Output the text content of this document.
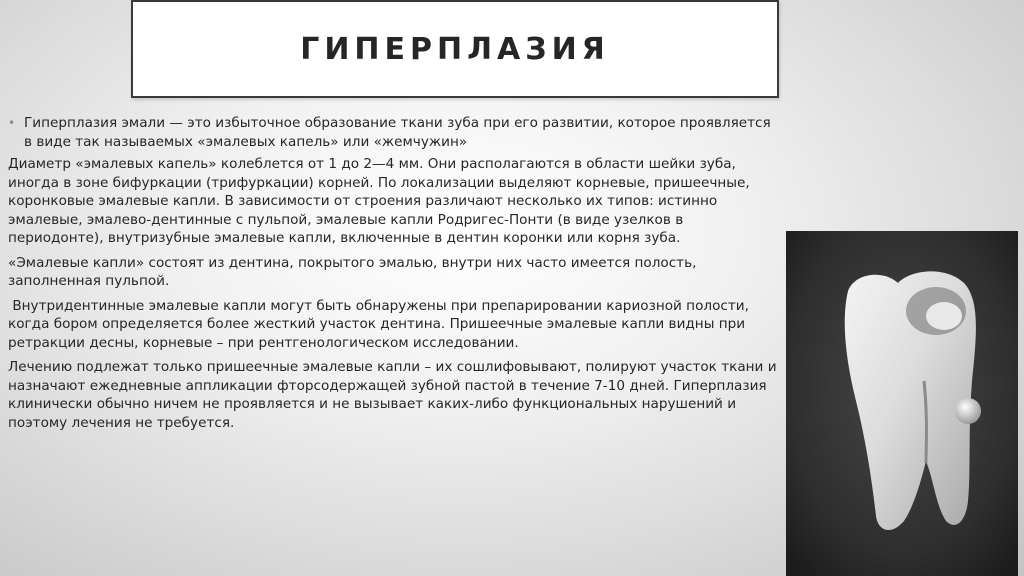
ГИПЕРПЛАЗИЯ
• Гиперплазия эмали — это избыточное образование ткани зуба при его развитии, которое проявляется в виде так называемых «эмалевых капель» или «жемчужин»

Диаметр «эмалевых капель» колеблется от 1 до 2—4 мм. Они располагаются в области шейки зуба, иногда в зоне бифуркации (трифуркации) корней. По локализации выделяют корневые, пришеечные, коронковые эмалевые капли. В зависимости от строения различают несколько их типов: истинно эмалевые, эмалево-дентинные с пульпой, эмалевые капли Родригес-Понти (в виде узелков в периодонте), внутризубные эмалевые капли, включенные в дентин коронки или корня зуба.

«Эмалевые капли» состоят из дентина, покрытого эмалью, внутри них часто имеется полость, заполненная пульпой.

Внутридентинные эмалевые капли могут быть обнаружены при препарировании кариозной полости, когда бором определяется более жесткий участок дентина. Пришеечные эмалевые капли видны при ретракции десны, корневые – при рентгенологическом исследовании.

Лечению подлежат только пришеечные эмалевые капли – их сошлифовывают, полируют участок ткани и назначают ежедневные аппликации фторсодержащей зубной пастой в течение 7-10 дней. Гиперплазия клинически обычно ничем не проявляется и не вызывает каких-либо функциональных нарушений и поэтому лечения не требуется.
